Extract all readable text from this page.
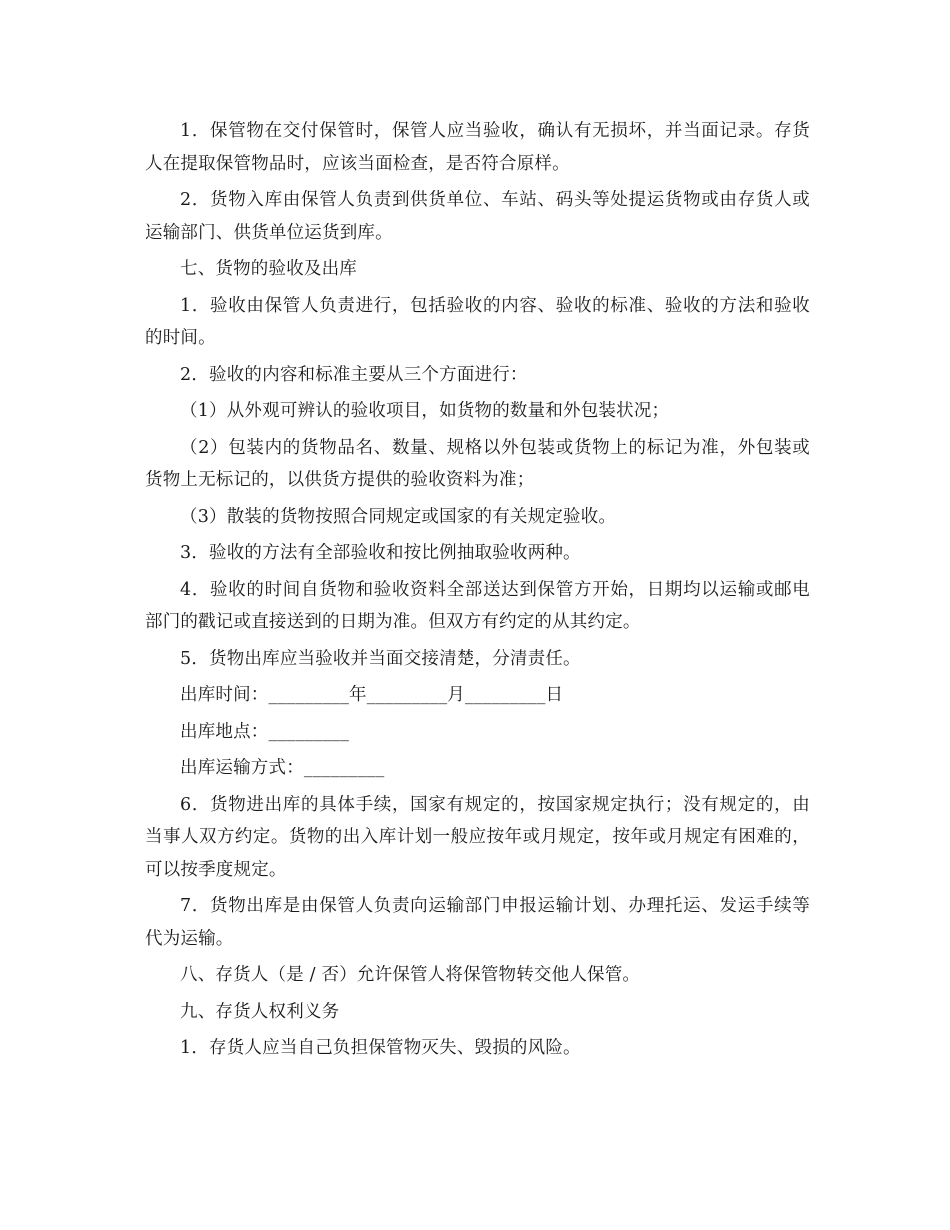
1．保管物在交付保管时，保管人应当验收，确认有无损坏，并当面记录。存货人在提取保管物品时，应该当面检查，是否符合原样。

2．货物入库由保管人负责到供货单位、车站、码头等处提运货物或由存货人或运输部门、供货单位运货到库。

七、货物的验收及出库

1．验收由保管人负责进行，包括验收的内容、验收的标准、验收的方法和验收的时间。

2．验收的内容和标准主要从三个方面进行：

（1）从外观可辨认的验收项目，如货物的数量和外包装状况；

（2）包装内的货物品名、数量、规格以外包装或货物上的标记为准，外包装或货物上无标记的，以供货方提供的验收资料为准；

（3）散装的货物按照合同规定或国家的有关规定验收。

3．验收的方法有全部验收和按比例抽取验收两种。

4．验收的时间自货物和验收资料全部送达到保管方开始，日期均以运输或邮电部门的戳记或直接送到的日期为准。但双方有约定的从其约定。

5．货物出库应当验收并当面交接清楚，分清责任。

出库时间：_________年_________月_________日

出库地点：_________

出库运输方式：_________

6．货物进出库的具体手续，国家有规定的，按国家规定执行；没有规定的，由当事人双方约定。货物的出入库计划一般应按年或月规定，按年或月规定有困难的，可以按季度规定。

7．货物出库是由保管人负责向运输部门申报运输计划、办理托运、发运手续等代为运输。

八、存货人（是 / 否）允许保管人将保管物转交他人保管。

九、存货人权利义务

1．存货人应当自己负担保管物灭失、毁损的风险。
